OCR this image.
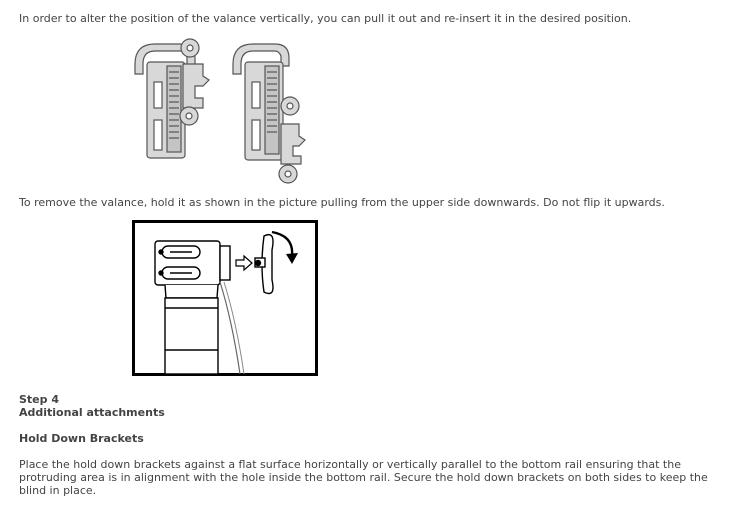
In order to alter the position of the valance vertically, you can pull it out and re-insert it in the desired position.

To remove the valance, hold it as shown in the picture pulling from the upper side downwards. Do not flip it upwards.

Step 4
Additional attachments
Hold Down Brackets

Place the hold down brackets against a flat surface horizontally or vertically parallel to the bottom rail ensuring that the protruding area is in alignment with the hole inside the bottom rail. Secure the hold down brackets on both sides to keep the blind in place.
